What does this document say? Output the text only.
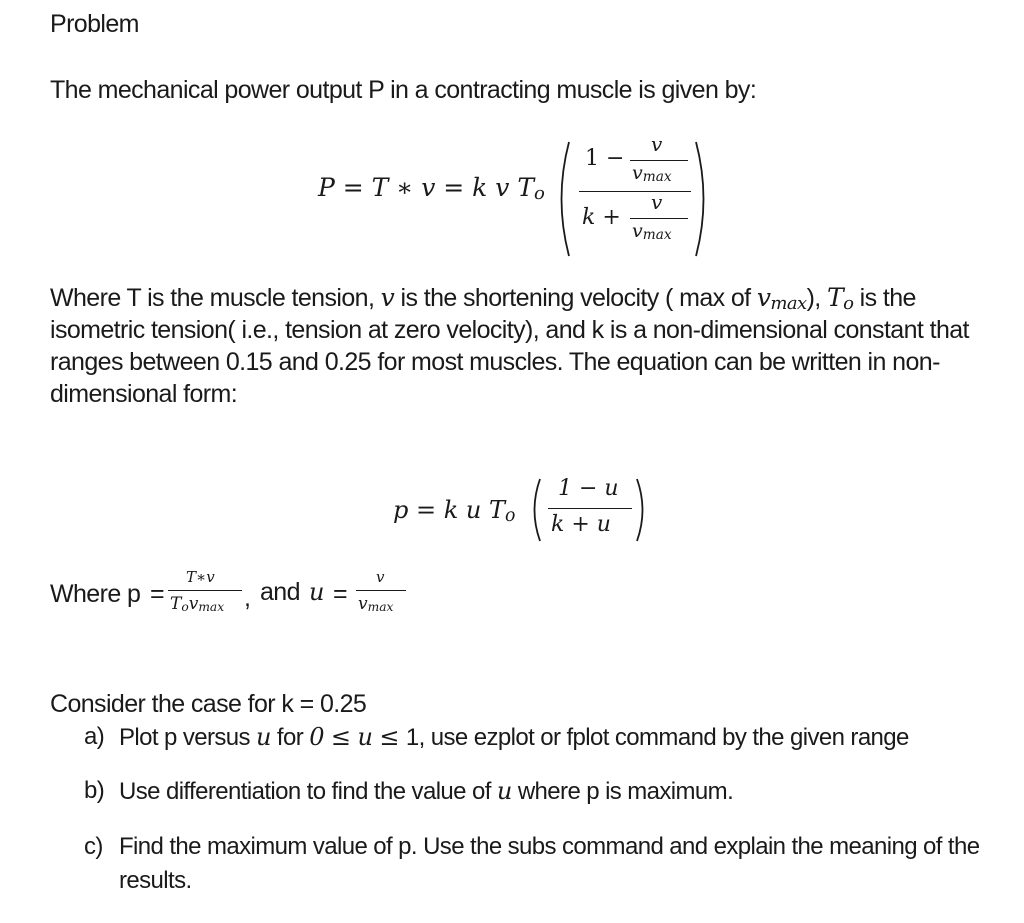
Problem
The mechanical power output P in a contracting muscle is given by:
P = T ∗ v = k v To
1 −
v
vmax
k +
v
vmax
Where T is the muscle tension, v is the shortening velocity ( max of vmax), To is the
isometric tension( i.e., tension at zero velocity), and k is a non-dimensional constant that
ranges between 0.15 and 0.25 for most muscles. The equation can be written in non-
dimensional form:
p = k u To
1 − u
k + u
Where p =
T∗v
Tovmax , and u =
v
vmax
Consider the case for k = 0.25
a) Plot p versus u for 0 ≤ u ≤ 1, use ezplot or fplot command by the given range
b) Use differentiation to find the value of u where p is maximum.
c) Find the maximum value of p. Use the subs command and explain the meaning of the
results.
